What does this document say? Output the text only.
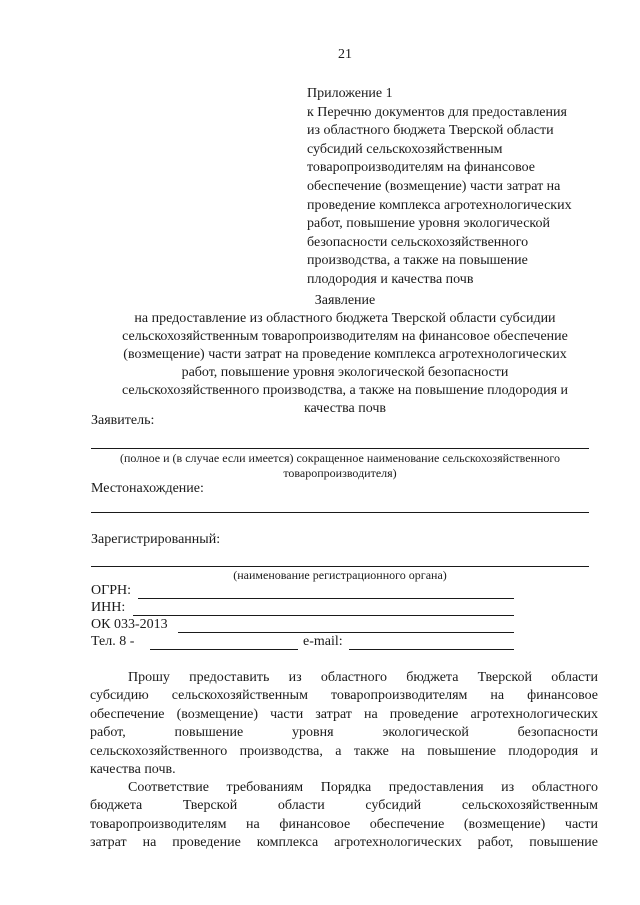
21
Приложение 1
к Перечню документов для предоставления
из областного бюджета Тверской области
субсидий сельскохозяйственным
товаропроизводителям на финансовое
обеспечение (возмещение) части затрат на
проведение комплекса агротехнологических
работ, повышение уровня экологической
безопасности сельскохозяйственного
производства, а также на повышение
плодородия и качества почв
Заявление
на предоставление из областного бюджета Тверской области субсидии
сельскохозяйственным товаропроизводителям на финансовое обеспечение
(возмещение) части затрат на проведение комплекса агротехнологических
работ, повышение уровня экологической безопасности
сельскохозяйственного производства, а также на повышение плодородия и
качества почв
Заявитель:
(полное и (в случае если имеется) сокращенное наименование сельскохозяйственного
товаропроизводителя)
Местонахождение:
Зарегистрированный:
(наименование регистрационного органа)
ОГРН:
ИНН:
ОК 033-2013
Тел. 8 -	e-mail:
Прошу предоставить из областного бюджета Тверской области
субсидию сельскохозяйственным товаропроизводителям на финансовое
обеспечение (возмещение) части затрат на проведение агротехнологических
работ, повышение уровня экологической безопасности
сельскохозяйственного производства, а также на повышение плодородия и
качества почв.
Соответствие требованиям Порядка предоставления из областного
бюджета Тверской области субсидий сельскохозяйственным
товаропроизводителям на финансовое обеспечение (возмещение) части
затрат на проведение комплекса агротехнологических работ, повышение
